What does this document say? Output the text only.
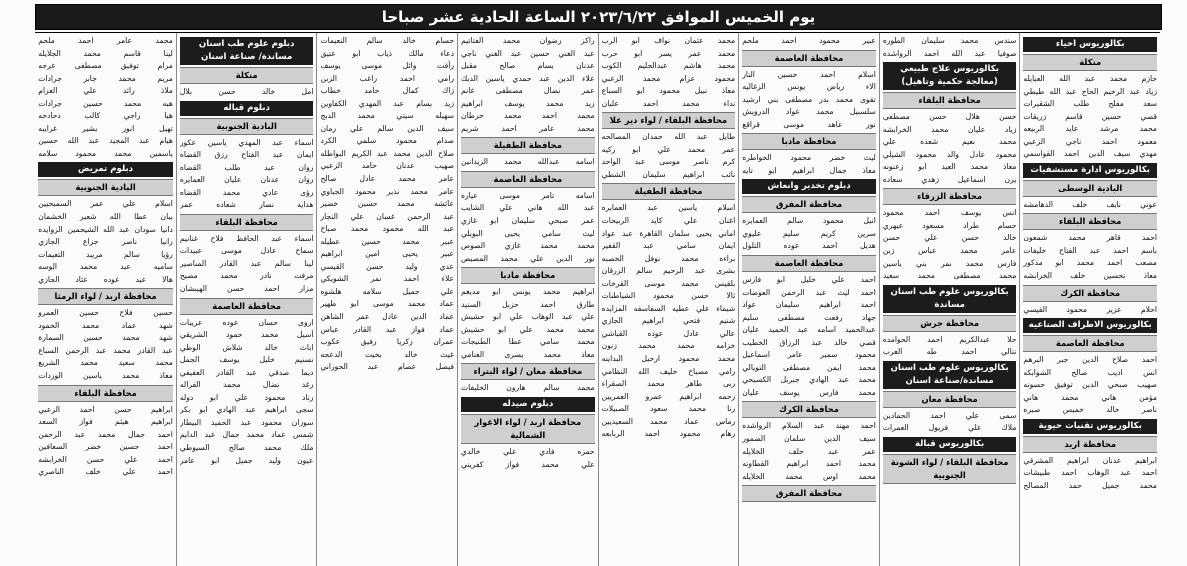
يوم الخميس الموافق ٢٠٢٣/٦/٢٢ الساعة الحادية عشر صباحا
بكالوريوس احياء
منكلة
حازم محمد عبد الله العبايله
زياد عبد الرحيم الحاج عبد الله طيطي
سعد مفلح طلب الشقيرات
قصي حسين قاسم زريقات
محمد مرشد عايد الربيعه
معمود احمد ناجي الزعبي
مهدي سيف الدين احمد القواسمي
بكالوريوس ادارة مستشفيات
البادية الوسطى
عوني نايف خلف الدهامشه
محافظة البلقاء
احمد قاهر محمد شمعون
باسم احمد عبد الفتاح خليفات
مصعب احمد محمد ابو مذكور
معاذ تحسين خلف الخرابشه
محافظة الكرك
احلام عزيز محمود القيسي
بكالوريوس الاطراف الصناعيه
محافظة العاصمة
احمد صلاح الدين جبر البرهم
انس اديب صالح الشوابكه
صهيب صبحي الدين توفيق حسونه
مؤمن هاني محمد هاني
ناصر خالد خميس صبره
بكالوريوس تقنيات حيوية
محافظة اربد
ابراهيم عدنان ابراهيم المشرقي
احمد عبد الوهاب احمد طبيشات
محمد جميل حمد المصالح
سندس محمد سليمان الطوره
صوفيا عبد الله احمد الرواشده
بكالوريوس علاج طبيعي (معالجة حكمية وتاهيل)
محافظة البلقاء
حسن هلال حسن مصطفى
زياد عليان محمد الخرابشه
محمد نعيم شعده علي
محمود عادل والد محمود الشيلي
معاذ محمد العيد ابو زعنونه
يزن اسماعيل زهدي سعاده
محافظة الزرقاء
انس يوسف احمد محمود
حسام طراد مسعود عيهري
خالد حسن علي حسن
عامر محمد عباس زبن
فارس محمد نمر بني ياسين
محمد مصطفى محمد سعيد
بكالوريوس علوم طب اسنان مساندة
محافظة جرش
حلا عبدالكريم احمد الحوامده
نتالي احمد طه العرب
بكالوريوس علوم طب اسنان مساندة/صناعة اسنان
محافظة معان
سمى علي احمد الحمادين
ملاك علي فريول العمرات
بكالوريوس قبالة
محافظة البلقاء / لواء الشونة الجنوبية
عبير محمود احمد ملحم
محافظة العاصمة
اسلام احمد حسين النار
الاء رياض يونس الزغاليه
تقوى محمد بدر مصطفى بني ارشيد
سلسبيل محمد عواد الدرويش
نور عاهد موسى قراقع
محافظة مادبا
ليث خضر محمود الخواطره
معاذ جمال ابراهيم ابو تايه
دبلوم تخدير وانعاش
محافظة المفرق
انيل محمود سالم العمايره
سرين كريم سليم عليوي
هديل احمد عوده التلول
محافظة العاصمة
احمد علي خليل ابو فارس
احمد ليث عبد الرحمن العوضات
احمد ابراهيم سليمان عواد
جهاد رفعت مصطفى سليم
عبدالحميد اسامه عبد الحميد عليان
قصي خالد عبد الرزاق الخطيب
محمود سمير عامر اسماعيل
محمد ايمن مصطفى التويالي
محمد عبد الهادي جبريل الكسيحي
محمد فارس يوسف عليان
محافظة الكرك
احمد مهند عبد السلام الرواشده
سيف الدين سلمان الضمور
عمر عبد خلف الخلايله
محمد احمد ابراهيم القطاونه
محمد اوس محمد الخلايله
محافظة المفرق
محمد عثمان نواف ابو الرب
محمد عمر يسر ابو حرب
محمد هاشم عبدالحليم الكوب
محمود عزام محمد الزعبي
معاذ نبيل محمود ابو السباع
نداء محمد احمد عليان
محافظة البلقاء / لواء دير علا
طايل عبد الله حمدان المصالحه
عمر محمد علي ابو ركيه
كرم ناصر موسى عبد الواحد
نائب ابراهيم سليمان الشطي
محافظة الطفيلة
اسلام ياسين عبد العمايره
اغنان علي كايد الربيحات
اماني يحيى سلمان القاهرة عبد عواد
ايمان سامي عبد القفير
براءه محمد نوفل الخصبه
بشرى عبد الرحيم سالم الزرقان
بلقيس محمد موسى القرخات
ثالا حسن محمود الشياطنات
شيماء علي عطيه السفاسفه المزايده
شنيم فتحي ابراهيم الجازي
عالي عادل عوده القباشي
خزامه محمد محمد زنون
محمد محمود ارحيل البداينه
رامي مصباح خليف الله النظامي
ربى طاهر محمد الصقراء
رحمه ابراهيم عمرو العمريين
رنا محمد سعود الصبيلات
رماس عماد محمد السعيديين
رهام محمود احمد الربابعه
راكز رضوان محمد الفتاتيم
عبد الغني حسين عبد الغني ناجي
عدنان بسام صالح مقبل
علاء الدين عبد حمدي ياسين الديك
عمر نضال مصطفى غانم
زيد محمد يوسف ابراهيم
محمد احمد محمد خرطان
محمد عامر احمد شريم
محافظة الطفيلة
اسامه عبدالله محمد الزيدانين
محافظة العاصمة
اسامه تامر موسى عياره
عبد الله هاني علي الشايب
عمر صبحي سليمان ابو غازي
ليث سامي يحيى البوبلي
محمد محمد غازي الصوص
نور الدين علي محمد المصيص
محافظة مادبا
ابراهيم محمد يونس ابو مديغم
طارق احمد حزبل السنيد
علي عبد الوهاب علي ابو حشيش
محمد محمد علي ابو حشيش
محمد سامي عطا الطنيجات
معاذ محمد يسرى العنامي
محافظة معان / لواء البتراء
محمد سالم هارون الخليفات
دبلوم صيدله
محافظة اربد / لواء الاغوار الشمالية
حمزه فادي علي خالدي
علي محمد فواز كفريني
حسام خالد سالم النعيمات
دعاء مالك ذياب ابو عتيق
رأفت وائل موسى يوسف
رامي احمد راغب الزبن
زاك كمال حامد خطاب
زيد بسام عبد المهدي الكفاوين
سهيله سيتي محمد الدبج
سيف الدين سالم علي رمان
صدام محمود سلمي الكرد
صلاح الدين محمد عبد الكريم البواطله
صهيب عدنان حامد الزعبي
عامر محمد عادل صالح
عامر محمد نذير محمود الجباوي
عائشه محمد حسين خضير
عبد الرحمن غسان علي النجار
عبد الله محمود محمد صباح
عبير محمد حسين عطيله
عبير يحيى امين ابراهيم
عدي وليد حسن القيسي
علاء احمد نمر الشويكي
علي جميل سلامه هلشوه
عماد محمد موسى ابو ظهير
عماد الدين عادل عمر الشاهن
عماد فواز عبد القادر عباس
عمران زكريا رفيق عكوب
غيث خالد بخيت الدعجه
فيصل عصام عبد الحوراني
دبلوم علوم طب اسنان مساندة/ صناعة اسنان
منكلة
امل خالد حسن بلال
دبلوم قباله
البادية الجنوبية
اسماء عبد المهدي ياسين عكور
ايمان عبد الفتاح رزق القضاه
روان عبد طلب القضاه
روان عدنان عليان العمايره
رؤى عادي محمد القضاه
هدايه نصار شعاده عمر
محافظة البلقاء
اسماء عبد الحافظ فلاح غنانيم
سماح عادل موسى عبيدات
لينا سالم عبد القادر المناصير
مرفت نادر محمد مصيح
مزار احمد حسن الهيبشان
محافظة العاصمة
اروى حسان عوده عريبات
أسيل محمد حمود الشريقي
اباث خالد شلاش الوظي
تسنيم خليل يوسف الجمل
ديما صدقي عبد القادر العفيفي
رغد نضال محمد الفراله
رناد محمود علي ابو دوله
سجى ابراهيم عبد الهادي ابو بكر
سوزان محمود عبد الحميد البيطار
شمس عماد محمد جمال عبد الدايم
ملك محمد صالح السيوطي
عيون وليد جميل ابو عامر
محمد عامر احمد ملحم
لينا قاسم محمد الجلايله
مرام توفيق مصطفى عرجه
مريم محمد جابر جرادات
ملاذ رائد علي العزام
هبه محمد حسين جرادات
هيا راجي كالب دحادحه
تهيل انور بشير غرايبه
هيام عبد المجيد عبد الله حسين
ياسمين محمد محمود سلامه
دبلوم تمريض
البادية الجنوبية
اسلام علي عمر السمبحيين
بيان عطا الله شعير الخشمان
دانيا سودان عبد الله الشيحمين الزوايده
رانيا ناصر جزاع الجازي
رؤيا سالم مريبد التعيمات
ساميه عبد محمد الوسه
هالا عبد عوده عثاد الجازي
محافظة اربد / لواء الرمثا
حسين فلاح حسين العمرو
شهد عماد محمد الحمود
شهد محمد حسين السمارة
عبد القادر محمد عبد الرحمن السباع
محمد سعيد محمد الشريع
معاذ محمد ياسين الوردات
محافظة البلقاء
ابراهيم حسن احمد الزعبي
ابراهيم هيثم فواز السعد
احمد جمال محمد عبد الرحمن
احمد حسين خضر السعافين
احمد علي حسن الخرابشه
احمد علي خلف الناصري
